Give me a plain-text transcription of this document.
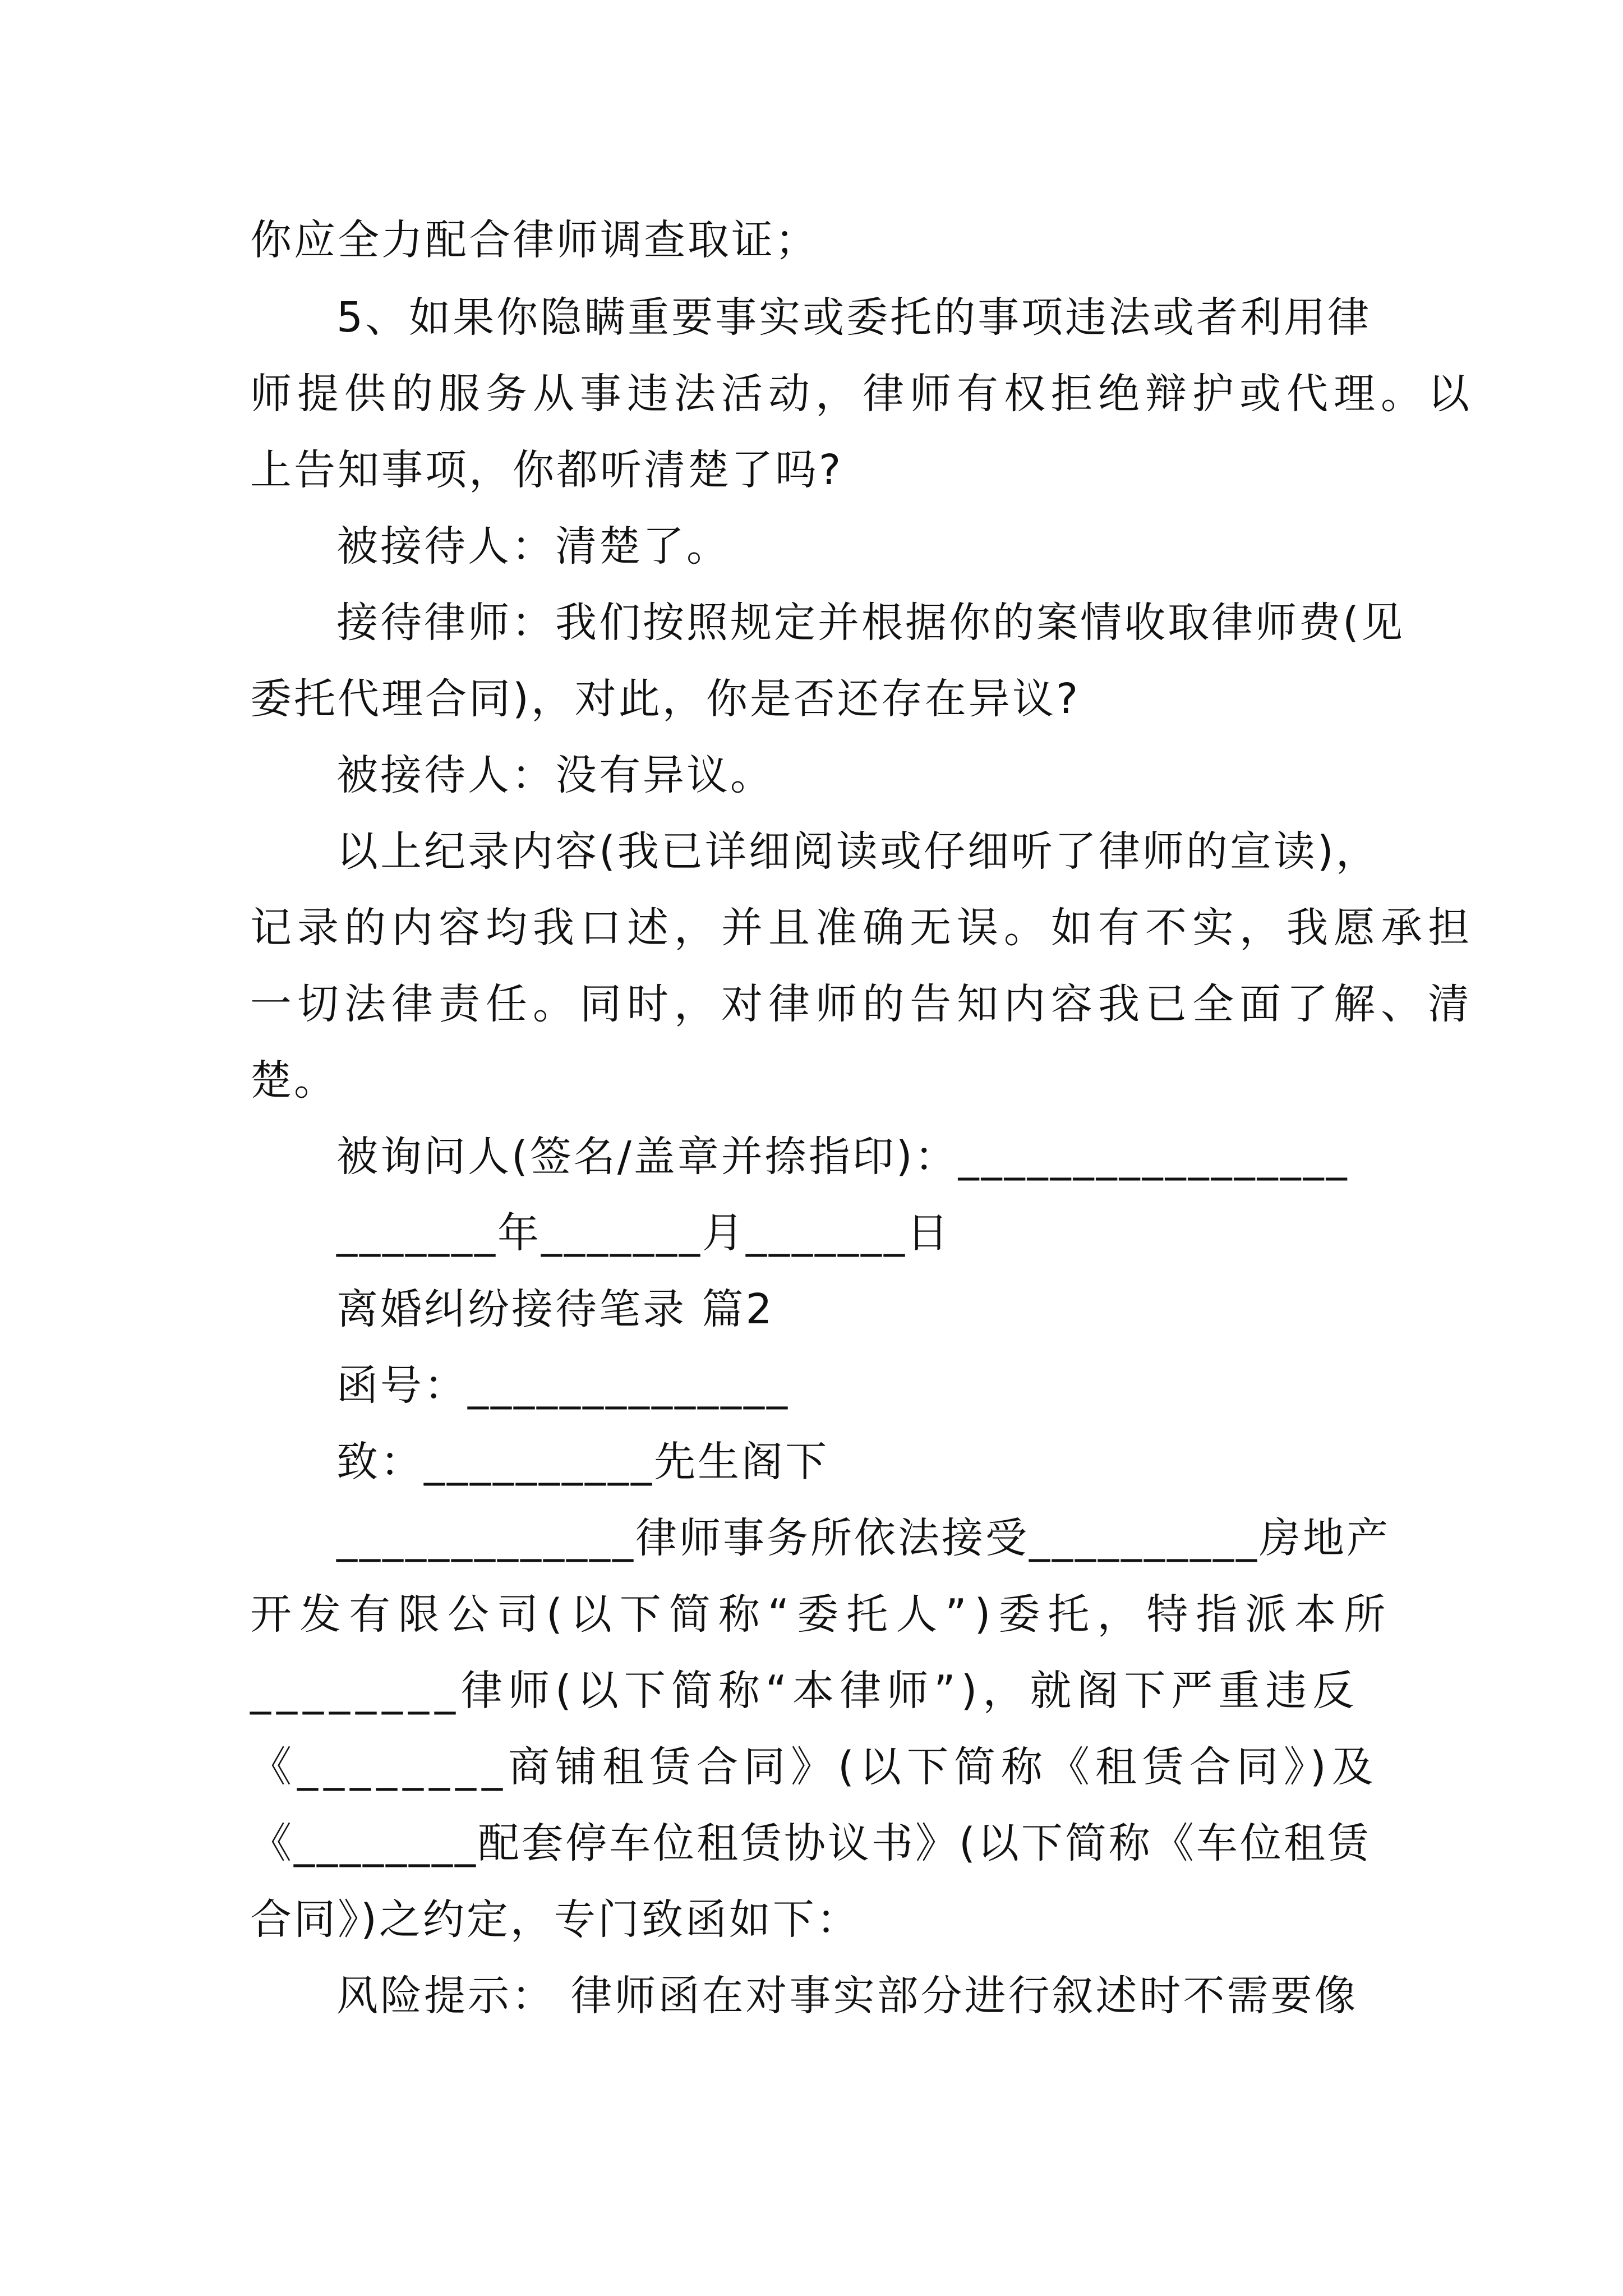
你应全力配合律师调查取证；
5、如果你隐瞒重要事实或委托的事项违法或者利用律
师提供的服务从事违法活动，律师有权拒绝辩护或代理。以
上告知事项，你都听清楚了吗?
被接待人：清楚了。
接待律师：我们按照规定并根据你的案情收取律师费(见
委托代理合同)，对此，你是否还存在异议?
被接待人：没有异议。
以上纪录内容(我已详细阅读或仔细听了律师的宣读)，
记录的内容均我口述，并且准确无误。如有不实，我愿承担
一切法律责任。同时，对律师的告知内容我已全面了解、清
楚。
被询问人(签名/盖章并捺指印)：_________________
_______年_______月_______日
离婚纠纷接待笔录 篇2
函号：______________
致：__________先生阁下
_____________律师事务所依法接受__________房地产
开发有限公司(以下简称“委托人”)委托，特指派本所
________律师(以下简称“本律师”)，就阁下严重违反
《________商铺租赁合同》(以下简称《租赁合同》)及
《________配套停车位租赁协议书》(以下简称《车位租赁
合同》)之约定，专门致函如下：
风险提示： 律师函在对事实部分进行叙述时不需要像
